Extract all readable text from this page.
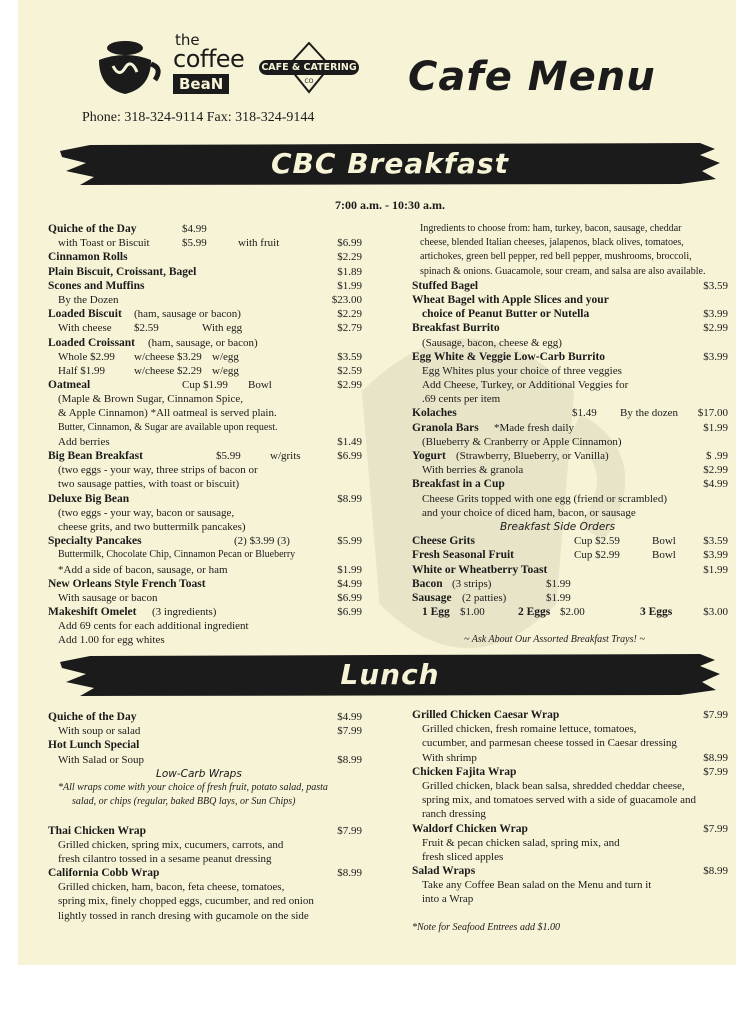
the
coffee
BeaN
CAFE & CATERING
CO
Phone: 318-324-9114 Fax: 318-324-9144
Cafe Menu
CBC Breakfast
7:00 a.m. - 10:30 a.m.
Quiche of the Day	$4.99
with Toast or Biscuit	$5.99	with fruit	$6.99
Cinnamon Rolls	$2.29
Plain Biscuit, Croissant, Bagel	$1.89
Scones and Muffins	$1.99
By the Dozen	$23.00
Loaded Biscuit (ham, sausage or bacon)	$2.29
With cheese $2.59	With egg	$2.79
Loaded Croissant (ham, sausage, or bacon)
Whole $2.99 w/cheese $3.29 w/egg	$3.59
Half $1.99	w/cheese $2.29 w/egg	$2.59
Oatmeal	Cup $1.99 Bowl	$2.99
(Maple & Brown Sugar, Cinnamon Spice,
& Apple Cinnamon) *All oatmeal is served plain.
Butter, Cinnamon, & Sugar are available upon request.
Add berries	$1.49
Big Bean Breakfast	$5.99	w/grits	$6.99
(two eggs - your way, three strips of bacon or
two sausage patties, with toast or biscuit)
Deluxe Big Bean	$8.99
(two eggs - your way, bacon or sausage,
cheese grits, and two buttermilk pancakes)
Specialty Pancakes	(2) $3.99 (3)	$5.99
Buttermilk, Chocolate Chip, Cinnamon Pecan or Blueberry
*Add a side of bacon, sausage, or ham	$1.99
New Orleans Style French Toast	$4.99
With sausage or bacon	$6.99
Makeshift Omelet (3 ingredients)	$6.99
Add 69 cents for each additional ingredient
Add 1.00 for egg whites
Ingredients to choose from: ham, turkey, bacon, sausage, cheddar
cheese, blended Italian cheeses, jalapenos, black olives, tomatoes,
artichokes, green bell pepper, red bell pepper, mushrooms, broccoli,
spinach & onions. Guacamole, sour cream, and salsa are also available.
Stuffed Bagel	$3.59
Wheat Bagel with Apple Slices and your
choice of Peanut Butter or Nutella	$3.99
Breakfast Burrito	$2.99
(Sausage, bacon, cheese & egg)
Egg White & Veggie Low-Carb Burrito	$3.99
Egg Whites plus your choice of three veggies
Add Cheese, Turkey, or Additional Veggies for
.69 cents per item
Kolaches	$1.49 By the dozen $17.00
Granola Bars *Made fresh daily	$1.99
(Blueberry & Cranberry or Apple Cinnamon)
Yogurt (Strawberry, Blueberry, or Vanilla)	$ .99
With berries & granola	$2.99
Breakfast in a Cup	$4.99
Cheese Grits topped with one egg (friend or scrambled)
and your choice of diced ham, bacon, or sausage
Breakfast Side Orders
Cheese Grits	Cup $2.59	Bowl $3.59
Fresh Seasonal Fruit	Cup $2.99	Bowl $3.99
White or Wheatberry Toast	$1.99
Bacon (3 strips)	$1.99
Sausage (2 patties)	$1.99
1 Egg $1.00	2 Eggs $2.00	3 Eggs	$3.00
~ Ask About Our Assorted Breakfast Trays! ~
Lunch
Quiche of the Day	$4.99
With soup or salad	$7.99
Hot Lunch Special
With Salad or Soup	$8.99
Low-Carb Wraps
*All wraps come with your choice of fresh fruit, potato salad, pasta
salad, or chips (regular, baked BBQ lays, or Sun Chips)
Thai Chicken Wrap	$7.99
Grilled chicken, spring mix, cucumers, carrots, and
fresh cilantro tossed in a sesame peanut dressing
California Cobb Wrap	$8.99
Grilled chicken, ham, bacon, feta cheese, tomatoes,
spring mix, finely chopped eggs, cucumber, and red onion
lightly tossed in ranch dresing with gucamole on the side
Grilled Chicken Caesar Wrap	$7.99
Grilled chicken, fresh romaine lettuce, tomatoes,
cucumber, and parmesan cheese tossed in Caesar dressing
With shrimp	$8.99
Chicken Fajita Wrap	$7.99
Grilled chicken, black bean salsa, shredded cheddar cheese,
spring mix, and tomatoes served with a side of guacamole and
ranch dressing
Waldorf Chicken Wrap	$7.99
Fruit & pecan chicken salad, spring mix, and
fresh sliced apples
Salad Wraps	$8.99
Take any Coffee Bean salad on the Menu and turn it
into a Wrap
*Note for Seafood Entrees add $1.00
